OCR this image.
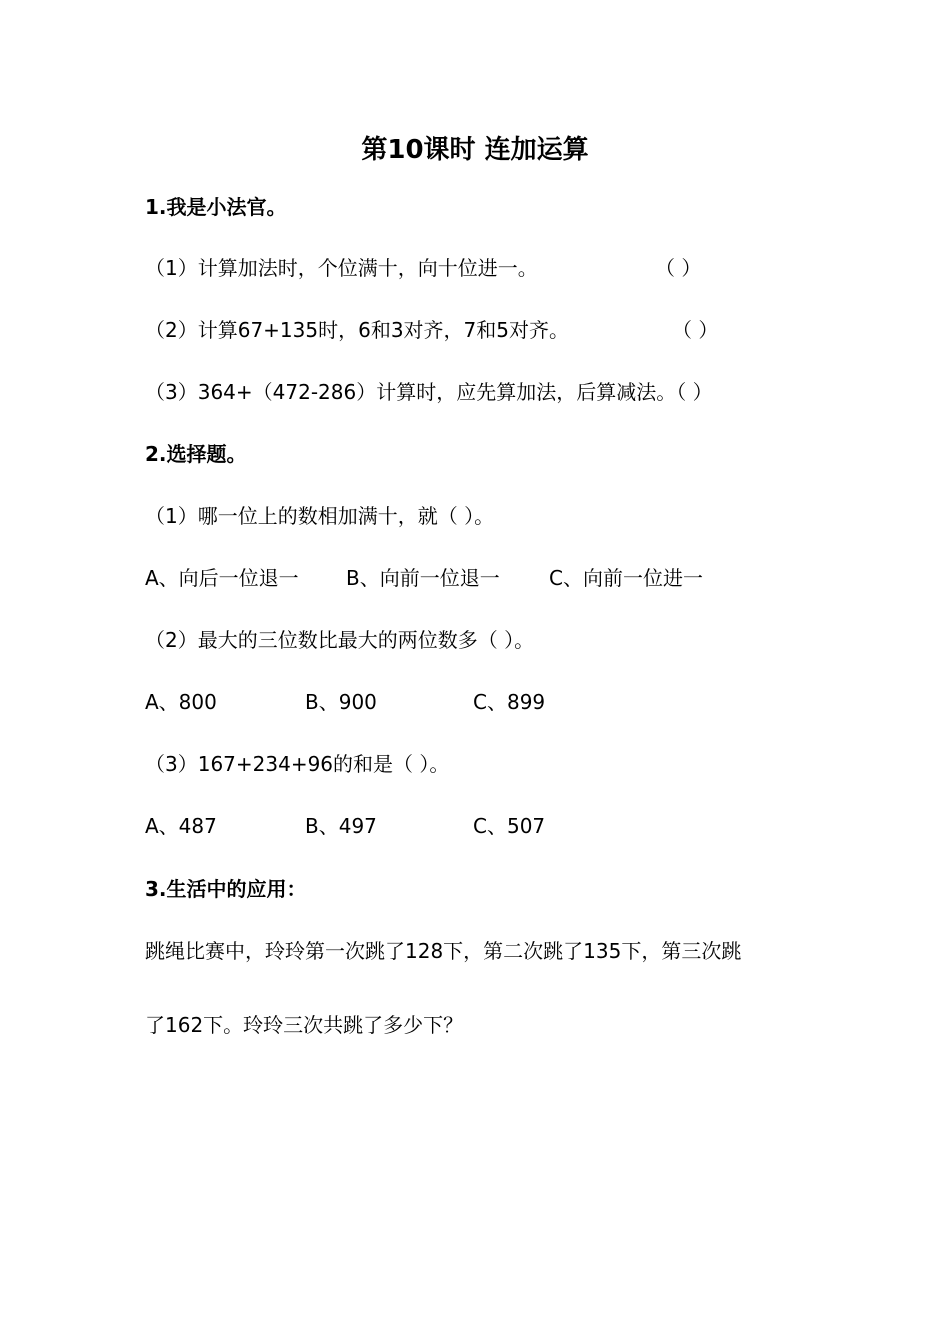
第10课时 连加运算
1.我是小法官。
（1）计算加法时，个位满十，向十位进一。	（ ）
（2）计算67+135时，6和3对齐，7和5对齐。	（ ）
（3）364+（472-286）计算时，应先算加法，后算减法。（ ）
2.选择题。
（1）哪一位上的数相加满十，就（ ）。
A、向后一位退一 B、向前一位退一 C、向前一位进一
（2）最大的三位数比最大的两位数多（ ）。
A、800	B、900	C、899
（3）167+234+96的和是（ ）。
A、487	B、497	C、507
3.生活中的应用：
跳绳比赛中，玲玲第一次跳了128下，第二次跳了135下，第三次跳
了162下。玲玲三次共跳了多少下？
